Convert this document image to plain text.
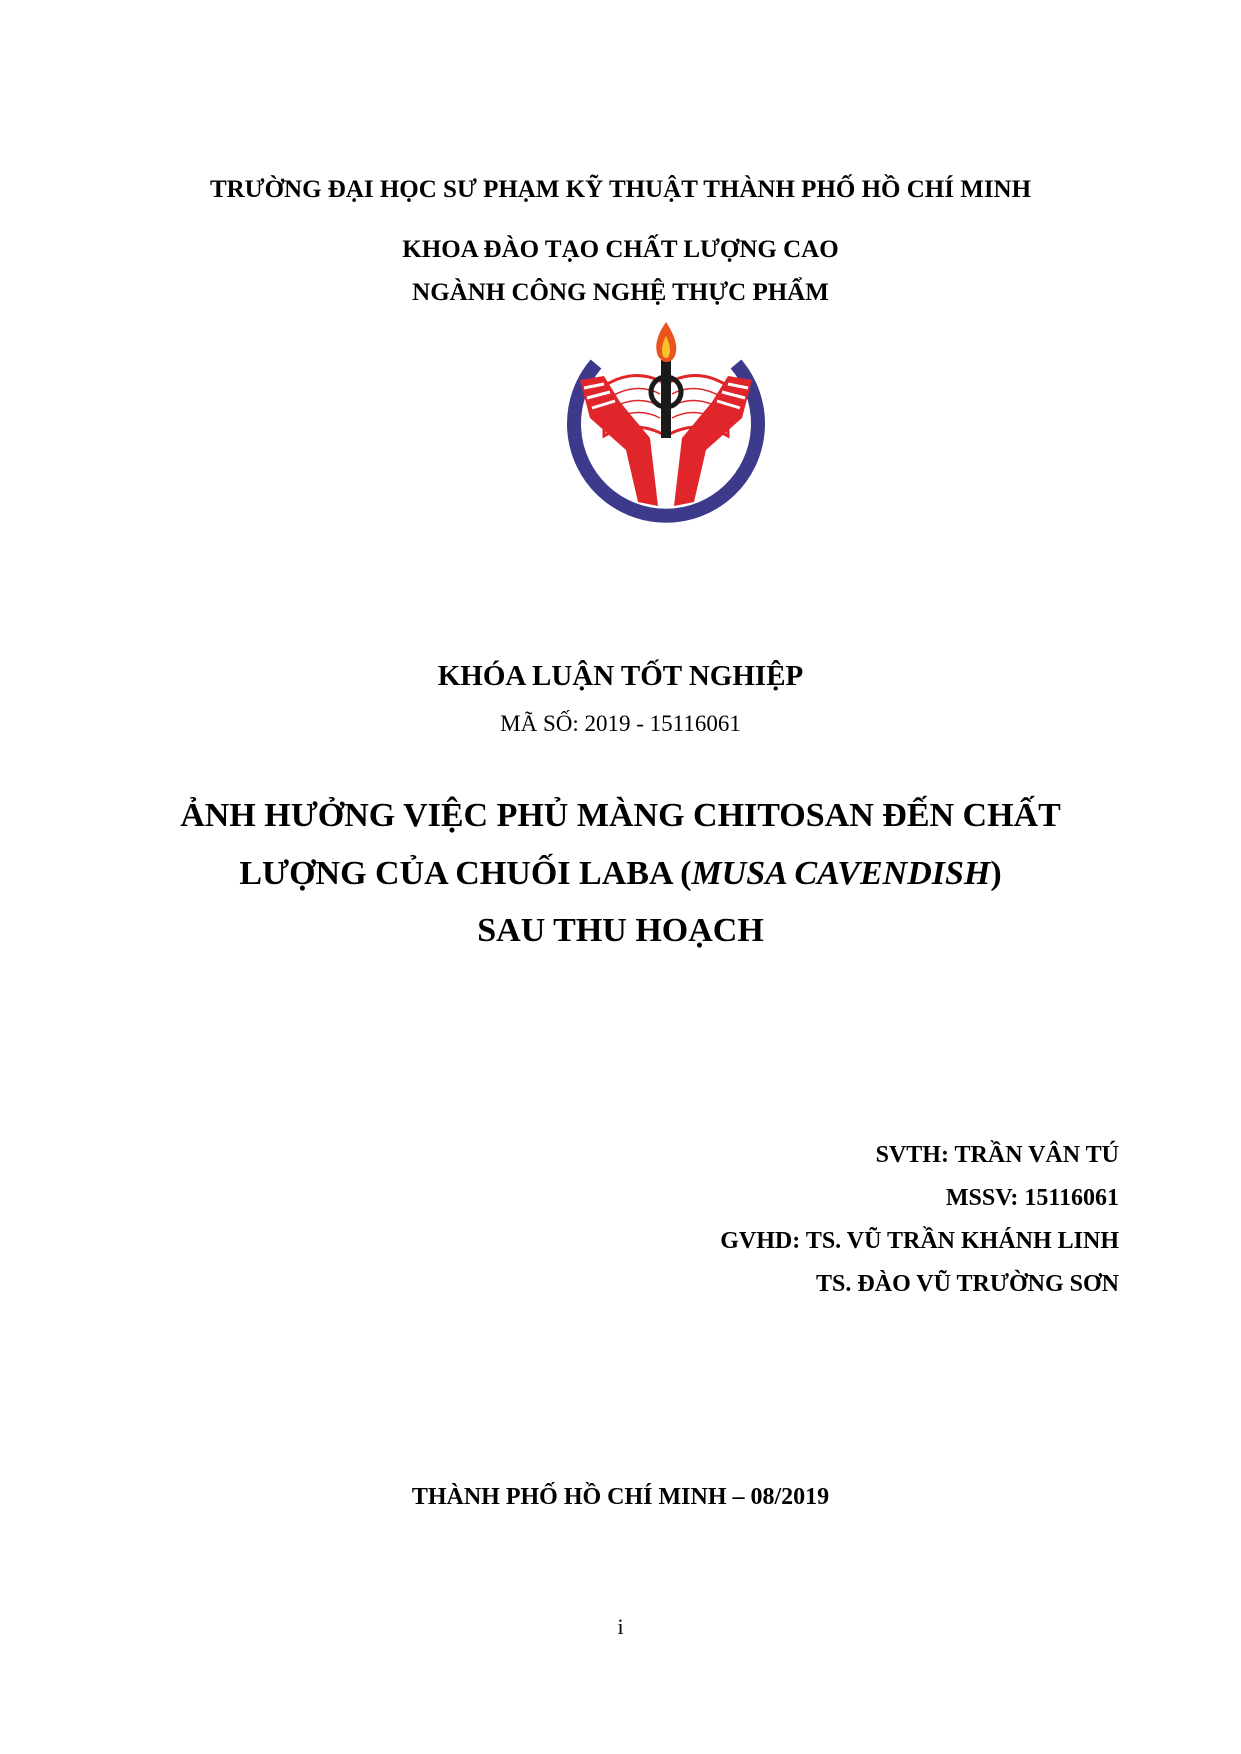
TRƯỜNG ĐẠI HỌC SƯ PHẠM KỸ THUẬT THÀNH PHỐ HỒ CHÍ MINH
KHOA ĐÀO TẠO CHẤT LƯỢNG CAO
NGÀNH CÔNG NGHỆ THỰC PHẨM
KHÓA LUẬN TỐT NGHIỆP
MÃ SỐ: 2019 - 15116061
ẢNH HƯỞNG VIỆC PHỦ MÀNG CHITOSAN ĐẾN CHẤT
LƯỢNG CỦA CHUỐI LABA (MUSA CAVENDISH)
SAU THU HOẠCH
SVTH: TRẦN VÂN TÚ
MSSV: 15116061
GVHD: TS. VŨ TRẦN KHÁNH LINH
TS. ĐÀO VŨ TRƯỜNG SƠN
THÀNH PHỐ HỒ CHÍ MINH – 08/2019
i
